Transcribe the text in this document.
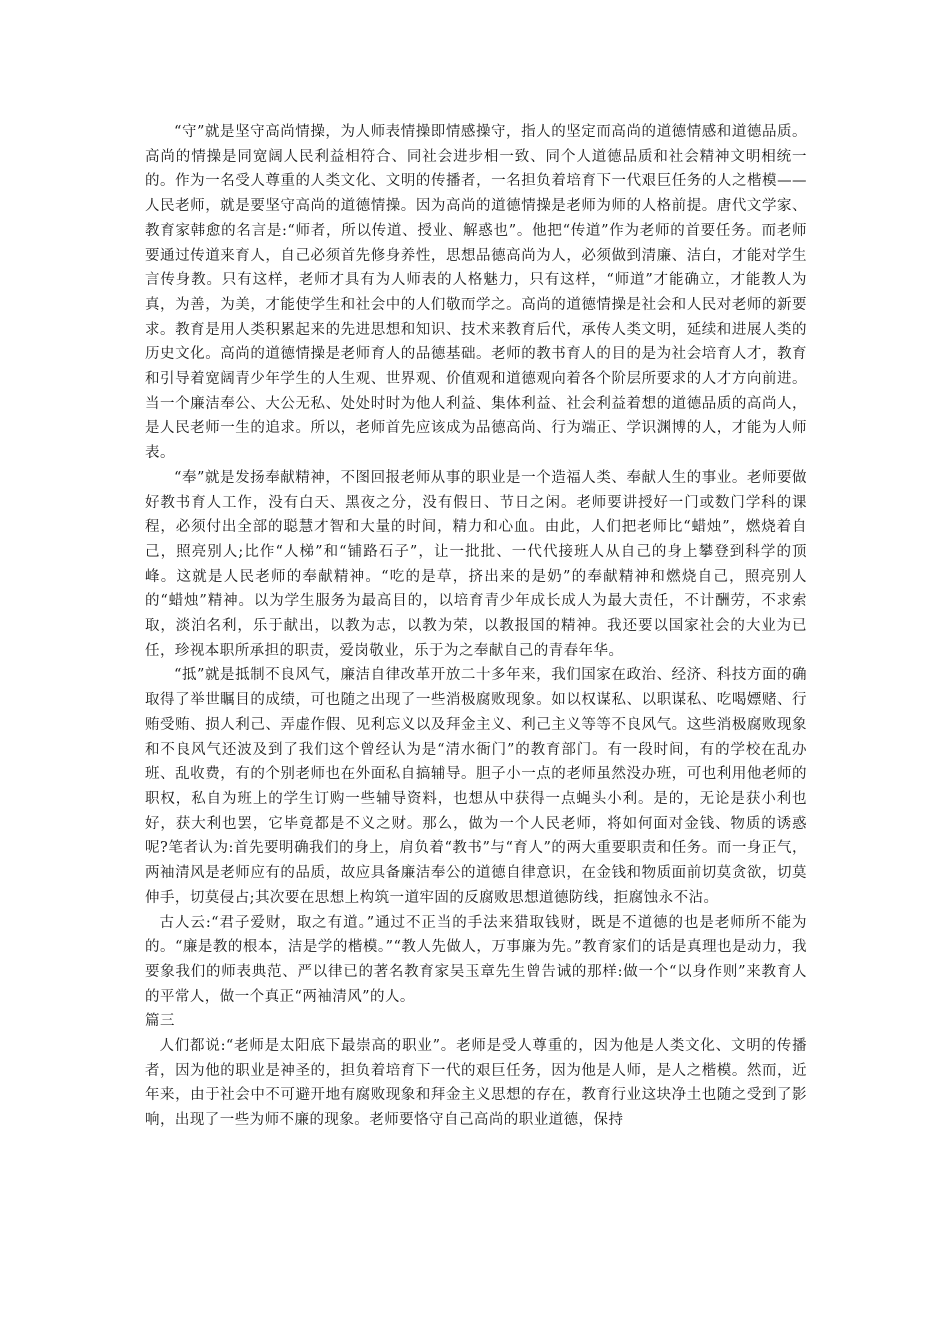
“守”就是坚守高尚情操，为人师表情操即情感操守，指人的坚定而高尚的道德情感和道德品质。高尚的情操是同宽阔人民利益相符合、同社会进步相一致、同个人道德品质和社会精神文明相统一的。作为一名受人尊重的人类文化、文明的传播者，一名担负着培育下一代艰巨任务的人之楷模——人民老师，就是要坚守高尚的道德情操。因为高尚的道德情操是老师为师的人格前提。唐代文学家、教育家韩愈的名言是:“师者，所以传道、授业、解惑也”。他把“传道”作为老师的首要任务。而老师要通过传道来育人，自己必须首先修身养性，思想品德高尚为人，必须做到清廉、洁白，才能对学生言传身教。只有这样，老师才具有为人师表的人格魅力，只有这样，“师道”才能确立，才能教人为真，为善，为美，才能使学生和社会中的人们敬而学之。高尚的道德情操是社会和人民对老师的新要求。教育是用人类积累起来的先进思想和知识、技术来教育后代，承传人类文明，延续和进展人类的历史文化。高尚的道德情操是老师育人的品德基础。老师的教书育人的目的是为社会培育人才，教育和引导着宽阔青少年学生的人生观、世界观、价值观和道德观向着各个阶层所要求的人才方向前进。当一个廉洁奉公、大公无私、处处时时为他人利益、集体利益、社会利益着想的道德品质的高尚人，是人民老师一生的追求。所以，老师首先应该成为品德高尚、行为端正、学识渊博的人，才能为人师表。

“奉”就是发扬奉献精神，不图回报老师从事的职业是一个造福人类、奉献人生的事业。老师要做好教书育人工作，没有白天、黑夜之分，没有假日、节日之闲。老师要讲授好一门或数门学科的课程，必须付出全部的聪慧才智和大量的时间，精力和心血。由此，人们把老师比“蜡烛”，燃烧着自己，照亮别人;比作“人梯”和“铺路石子”，让一批批、一代代接班人从自己的身上攀登到科学的顶峰。这就是人民老师的奉献精神。“吃的是草，挤出来的是奶”的奉献精神和燃烧自己，照亮别人的“蜡烛”精神。以为学生服务为最高目的，以培育青少年成长成人为最大责任，不计酬劳，不求索取，淡泊名利，乐于献出，以教为志，以教为荣，以教报国的精神。我还要以国家社会的大业为已任，珍视本职所承担的职责，爱岗敬业，乐于为之奉献自己的青春年华。

“抵”就是抵制不良风气，廉洁自律改革开放二十多年来，我们国家在政治、经济、科技方面的确取得了举世瞩目的成绩，可也随之出现了一些消极腐败现象。如以权谋私、以职谋私、吃喝嫖赌、行贿受贿、损人利己、弄虚作假、见利忘义以及拜金主义、利己主义等等不良风气。这些消极腐败现象和不良风气还波及到了我们这个曾经认为是“清水衙门”的教育部门。有一段时间，有的学校在乱办班、乱收费，有的个别老师也在外面私自搞辅导。胆子小一点的老师虽然没办班，可也利用他老师的职权，私自为班上的学生订购一些辅导资料，也想从中获得一点蝇头小利。是的，无论是获小利也好，获大利也罢，它毕竟都是不义之财。那么，做为一个人民老师，将如何面对金钱、物质的诱惑呢?笔者认为:首先要明确我们的身上，肩负着“教书”与“育人”的两大重要职责和任务。而一身正气，两袖清风是老师应有的品质，故应具备廉洁奉公的道德自律意识，在金钱和物质面前切莫贪欲，切莫伸手，切莫侵占;其次要在思想上构筑一道牢固的反腐败思想道德防线，拒腐蚀永不沾。

古人云:“君子爱财，取之有道。”通过不正当的手法来猎取钱财，既是不道德的也是老师所不能为的。“廉是教的根本，洁是学的楷模。”“教人先做人，万事廉为先。”教育家们的话是真理也是动力，我要象我们的师表典范、严以律已的著名教育家吴玉章先生曾告诫的那样:做一个“以身作则”来教育人的平常人，做一个真正“两袖清风”的人。

篇三

人们都说:“老师是太阳底下最崇高的职业”。老师是受人尊重的，因为他是人类文化、文明的传播者，因为他的职业是神圣的，担负着培育下一代的艰巨任务，因为他是人师，是人之楷模。然而，近年来，由于社会中不可避开地有腐败现象和拜金主义思想的存在，教育行业这块净土也随之受到了影响，出现了一些为师不廉的现象。老师要恪守自己高尚的职业道德，保持
